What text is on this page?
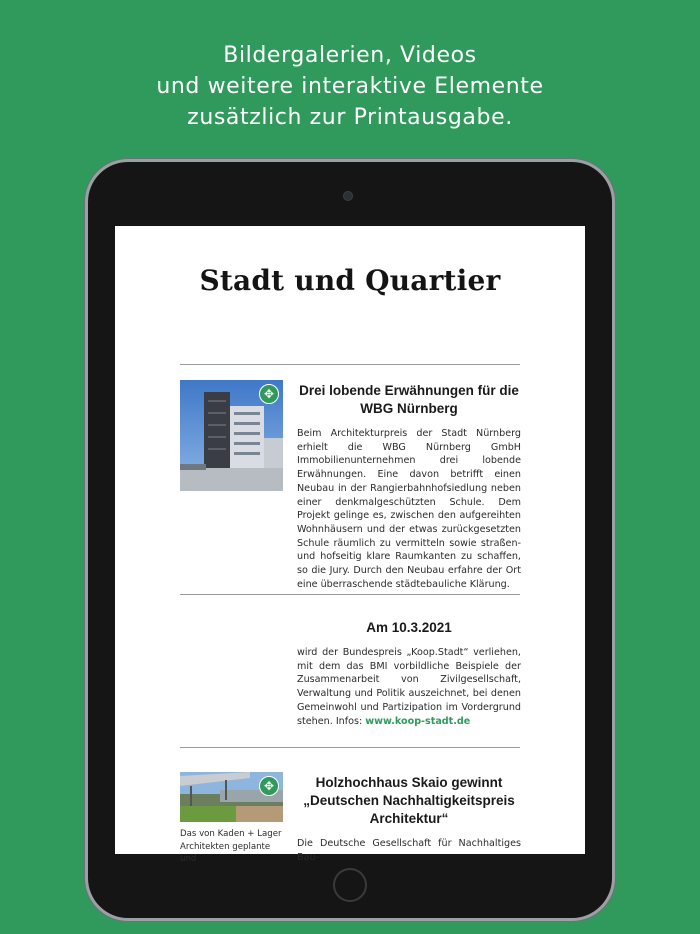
Bildergalerien, Videos
und weitere interaktive Elemente
zusätzlich zur Printausgabe.
Stadt und Quartier
✥	Drei lobende Erwähnungen für die WBG Nürnberg

Beim Architekturpreis der Stadt Nürnberg erhielt die WBG Nürnberg GmbH Immobilienunternehmen drei lobende Erwähnungen. Eine davon betrifft einen Neubau in der Rangierbahnhofsiedlung neben einer denkmalgeschützten Schule. Dem Projekt gelinge es, zwischen den aufgereihten Wohnhäusern und der etwas zurückgesetzten Schule räumlich zu vermitteln sowie straßen- und hofseitig klare Raumkanten zu schaffen, so die Jury. Durch den Neubau erfahre der Ort eine überraschende städtebauliche Klärung.

Am 10.3.2021

wird der Bundespreis „Koop.Stadt“ verliehen, mit dem das BMI vorbildliche Beispiele der Zusammenarbeit von Zivilgesellschaft, Verwaltung und Politik auszeichnet, bei denen Gemeinwohl und Partizipation im Vordergrund stehen. Infos: www.koop-stadt.de

✥

Das von Kaden + Lager Architekten geplante und

Holzhochhaus Skaio gewinnt „Deutschen Nachhaltigkeitspreis Architektur“

Die Deutsche Gesellschaft für Nachhaltiges Bau-
